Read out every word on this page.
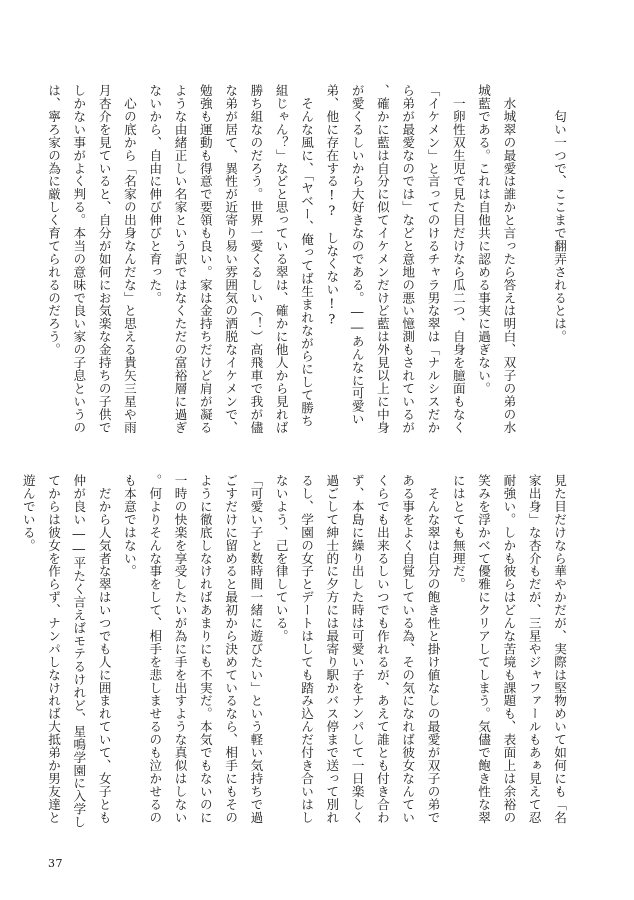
　　匂い一つで、ここまで翻弄されるとは。

　水城翠の最愛は誰かと言ったら答えは明白、双子の弟の水城藍である。これは自他共に認める事実に過ぎない。

　一卵性双生児で見た目だけなら瓜二つ、自身を臆面もなく「イケメン」と言ってのけるチャラ男な翠は「ナルシスだから弟が最愛なのでは」などと意地の悪い憶測もされているが、確かに藍は自分に似てイケメンだけど藍は外見以上に中身が愛くるしいから大好きなのである。――あんなに可愛い弟、他に存在する!?　しなくない!?

　そんな風に、「ヤベー、俺ってば生まれながらにして勝ち組じゃん？」などと思っている翠は、確かに他人から見れば勝ち組なのだろう。世界一愛くるしい（！）高飛車で我が儘な弟が居て、異性が近寄り易い雰囲気の洒脱なイケメンで、勉強も運動も得意で要領も良い。家は金持ちだけど肩が凝るような由緒正しい名家という訳ではなくただの富裕層に過ぎないから、自由に伸び伸びと育った。

　心の底から「名家の出身なんだな」と思える貴矢三星や雨月杏介を見ていると、自分が如何にお気楽な金持ちの子供でしかない事がよく判る。本当の意味で良い家の子息というのは、寧ろ家の為に厳しく育てられるのだろう。

見た目だけなら華やかだが、実際は堅物めいて如何にも「名家出身」な杏介もだが、三星やジャファールもあぁ見えて忍耐強い。しかも彼らはどんな苦境も課題も、表面上は余裕の笑みを浮かべて優雅にクリアしてしまう。気儘で飽き性な翠にはとても無理だ。

　そんな翠は自分の飽き性と掛け値なしの最愛が双子の弟である事をよく自覚している為、その気になれば彼女なんていくらでも出来るしいつでも作れるが、あえて誰とも付き合わず、本島に繰り出した時は可愛い子をナンパして一日楽しく過ごして紳士的に夕方には最寄り駅かバス停まで送って別れるし、学園の女子とデートはしても踏み込んだ付き合いはしないよう、己を律している。

「可愛い子と数時間一緒に遊びたい」という軽い気持ちで過ごすだけに留めると最初から決めているなら、相手にもそのように徹底しなければあまりにも不実だ。本気でもないのに一時の快楽を享受したいが為に手を出すような真似はしない。何よりそんな事をして、相手を悲しませるのも泣かせるのも本意ではない。

　だから人気者な翠はいつでも人に囲まれていて、女子とも仲が良い――平たく言えばモテるけれど、星鳴学園に入学してからは彼女を作らず、ナンパしなければ大抵弟か男友達と遊んでいる。

37
